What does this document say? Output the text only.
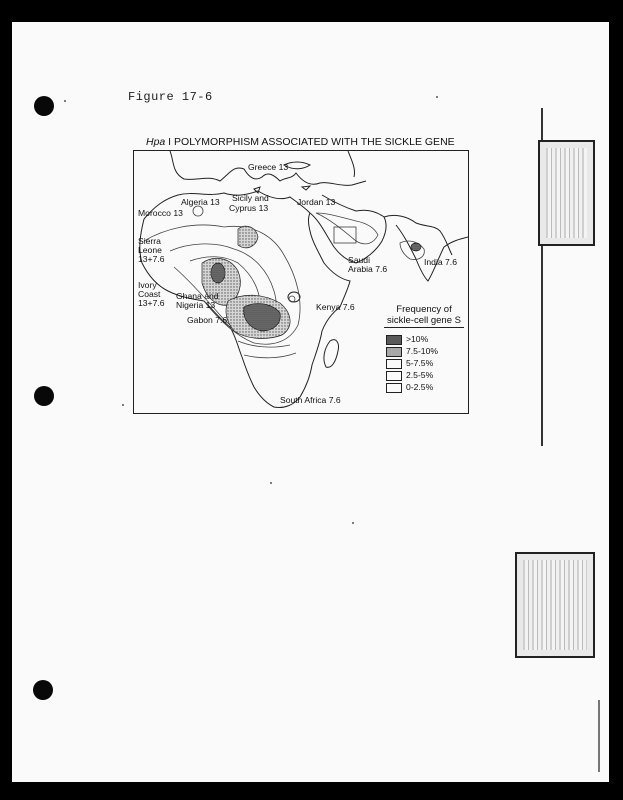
Figure 17-6
Hpa I POLYMORPHISM ASSOCIATED WITH THE SICKLE GENE
Greece 13
Algeria 13 Sicily and
Cyprus 13
Jordan 13
Morocco 13
Sierra
Leone
13+7.6	Saudi
Arabia 7.6
India 7.6
Ivory
Coast
13+7.6
Ghana and
Nigeria 13	Kenya 7.6
Gabon 7.6
South Africa 7.6
Frequency of
sickle-cell gene S
>10%
7.5-10%
5-7.5%
2.5-5%
0-2.5%
